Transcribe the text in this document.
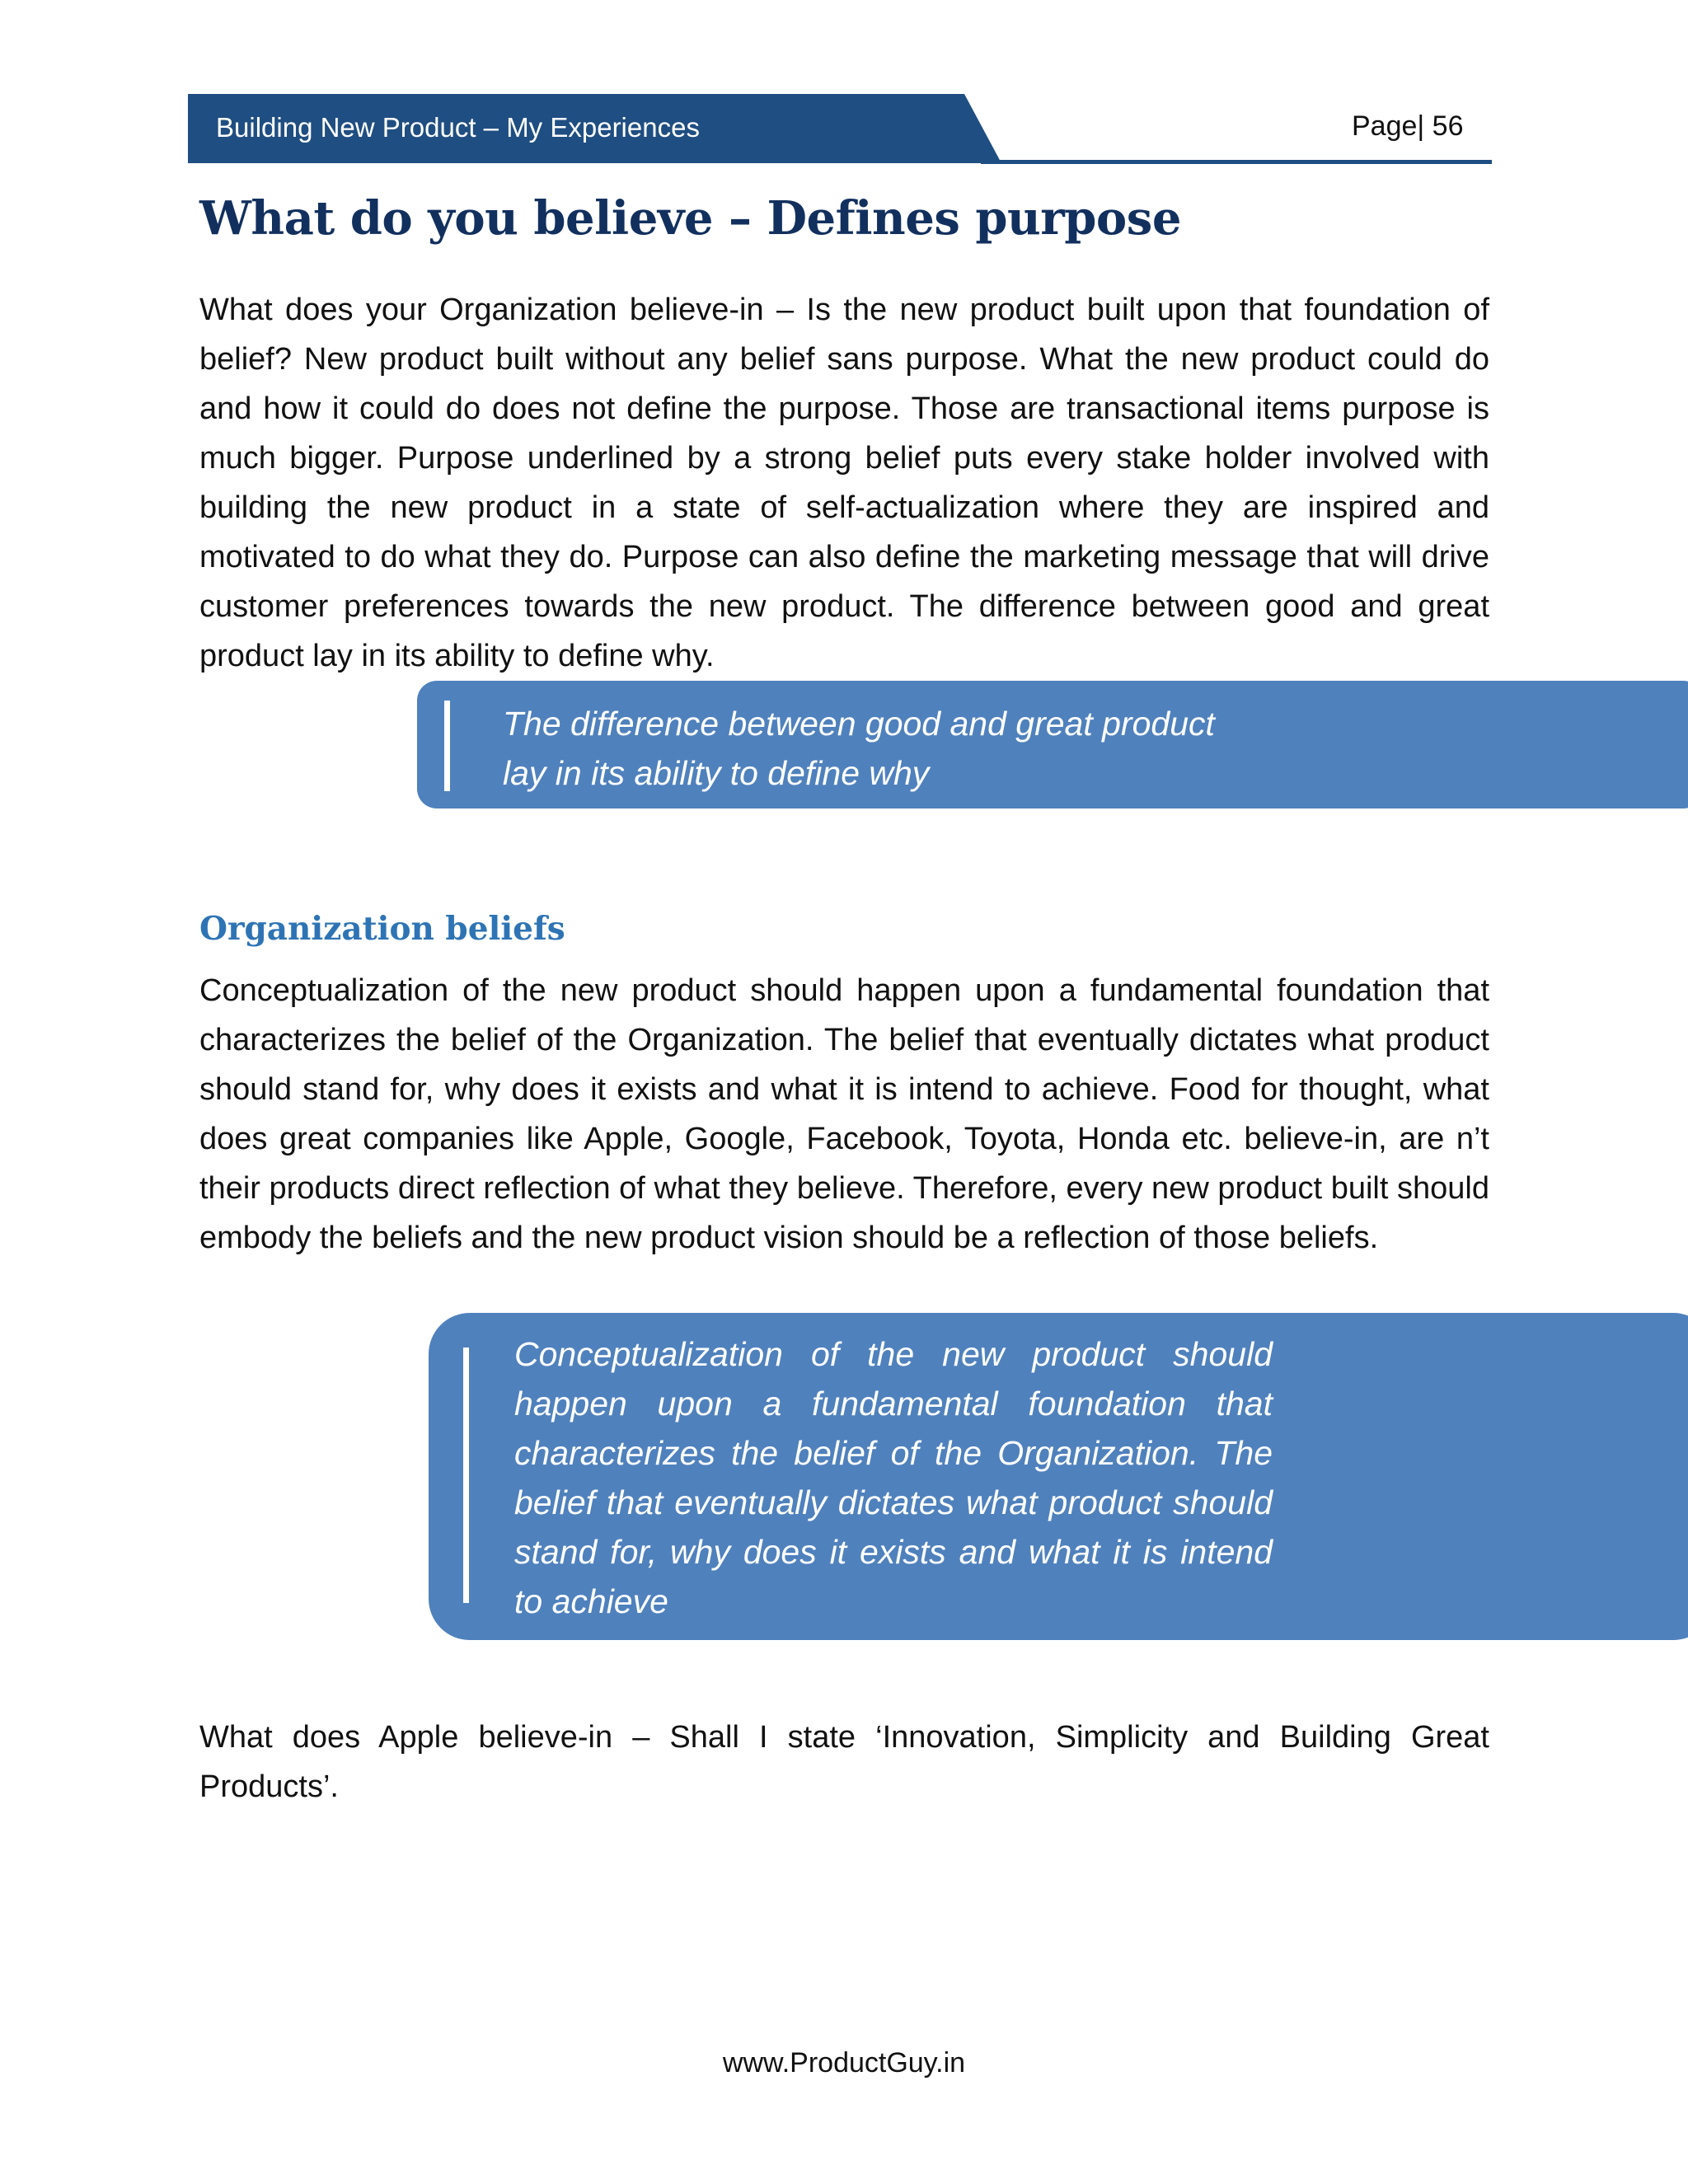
Building New Product – My Experiences	Page| 56
What do you believe – Defines purpose

What does your Organization believe-in – Is the new product built upon that foundation of belief? New product built without any belief sans purpose. What the new product could do and how it could do does not define the purpose. Those are transactional items purpose is much bigger. Purpose underlined by a strong belief puts every stake holder involved with building the new product in a state of self-actualization where they are inspired and motivated to do what they do. Purpose can also define the marketing message that will drive customer preferences towards the new product. The difference between good and great product lay in its ability to define why.

The difference between good and great product
lay in its ability to define why

Organization beliefs

Conceptualization of the new product should happen upon a fundamental foundation that characterizes the belief of the Organization. The belief that eventually dictates what product should stand for, why does it exists and what it is intend to achieve. Food for thought, what does great companies like Apple, Google, Facebook, Toyota, Honda etc. believe-in, are n’t their products direct reflection of what they believe. Therefore, every new product built should embody the beliefs and the new product vision should be a reflection of those beliefs.

Conceptualization of the new product should happen upon a fundamental foundation that characterizes the belief of the Organization. The belief that eventually dictates what product should stand for, why does it exists and what it is intend to achieve

What does Apple believe-in – Shall I state ‘Innovation, Simplicity and Building Great Products’.

www.ProductGuy.in
